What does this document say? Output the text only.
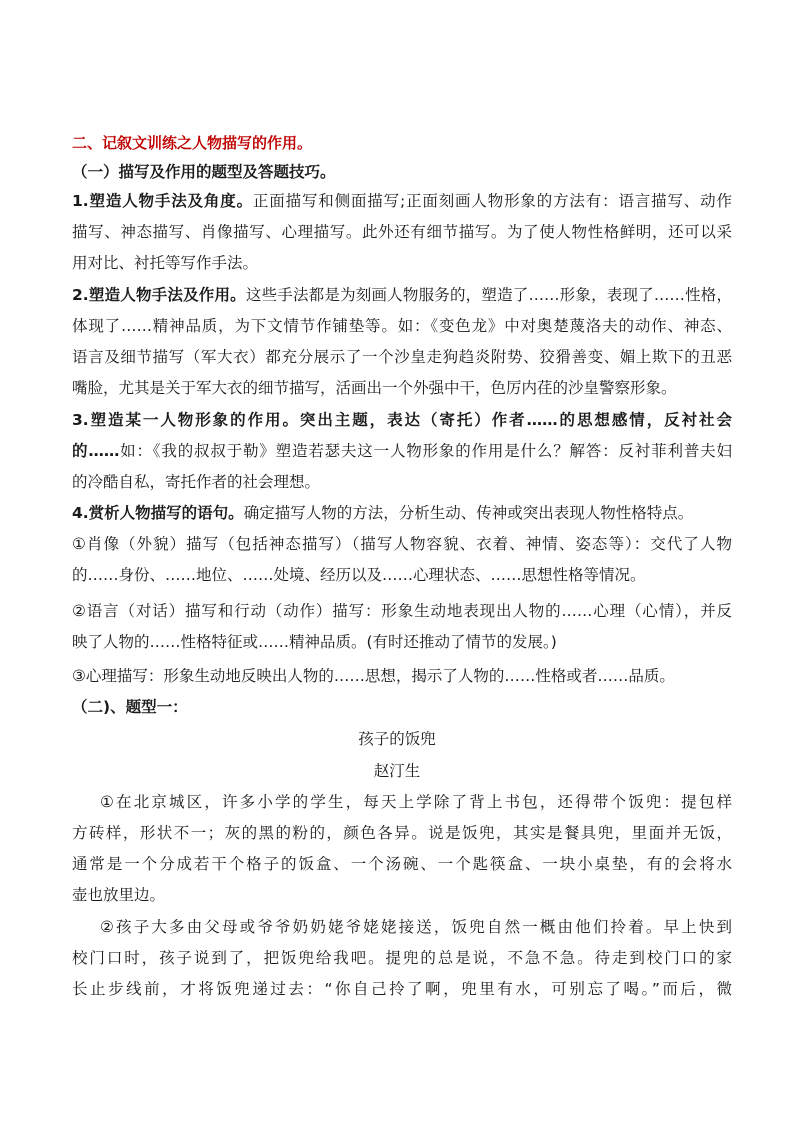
二、记叙文训练之人物描写的作用。
（一）描写及作用的题型及答题技巧。
1.塑造人物手法及角度。正面描写和侧面描写;正面刻画人物形象的方法有：语言描写、动作
描写、神态描写、肖像描写、心理描写。此外还有细节描写。为了使人物性格鲜明，还可以采
用对比、衬托等写作手法。
2.塑造人物手法及作用。这些手法都是为刻画人物服务的，塑造了……形象，表现了……性格，
体现了……精神品质，为下文情节作铺垫等。如：《变色龙》中对奥楚蔑洛夫的动作、神态、
语言及细节描写（军大衣）都充分展示了一个沙皇走狗趋炎附势、狡猾善变、媚上欺下的丑恶
嘴脸，尤其是关于军大衣的细节描写，活画出一个外强中干，色厉内荏的沙皇警察形象。
3.塑造某一人物形象的作用。突出主题，表达（寄托）作者……的思想感情，反衬社会
的……如：《我的叔叔于勒》塑造若瑟夫这一人物形象的作用是什么？解答：反衬菲利普夫妇
的冷酷自私，寄托作者的社会理想。
4.赏析人物描写的语句。确定描写人物的方法，分析生动、传神或突出表现人物性格特点。
①肖像（外貌）描写（包括神态描写）（描写人物容貌、衣着、神情、姿态等）：交代了人物
的……身份、……地位、……处境、经历以及……心理状态、……思想性格等情况。
②语言（对话）描写和行动（动作）描写：形象生动地表现出人物的……心理（心情），并反
映了人物的……性格特征或……精神品质。(有时还推动了情节的发展。)
③心理描写：形象生动地反映出人物的……思想，揭示了人物的……性格或者……品质。
（二)、题型一：
孩子的饭兜
赵汀生
①在北京城区，许多小学的学生，每天上学除了背上书包，还得带个饭兜：提包样
方砖样，形状不一；灰的黑的粉的，颜色各异。说是饭兜，其实是餐具兜，里面并无饭，
通常是一个分成若干个格子的饭盒、一个汤碗、一个匙筷盒、一块小桌垫，有的会将水
壶也放里边。
②孩子大多由父母或爷爷奶奶姥爷姥姥接送，饭兜自然一概由他们拎着。早上快到
校门口时，孩子说到了，把饭兜给我吧。提兜的总是说，不急不急。待走到校门口的家
长止步线前，才将饭兜递过去：“你自己拎了啊，兜里有水，可别忘了喝。”而后，微
